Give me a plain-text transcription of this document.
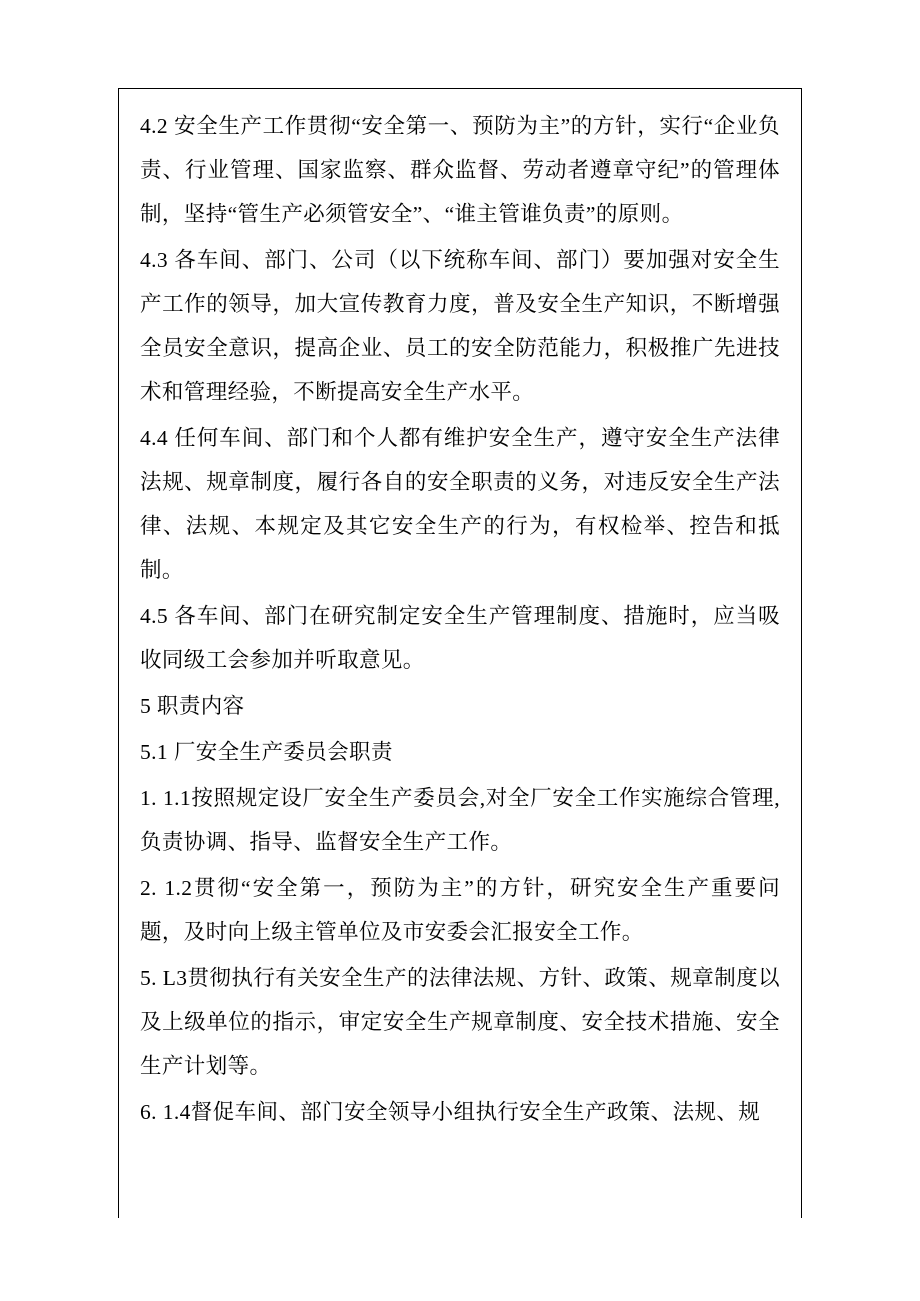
4.2 安全生产工作贯彻“安全第一、预防为主”的方针，实行“企业负责、行业管理、国家监察、群众监督、劳动者遵章守纪”的管理体制，坚持“管生产必须管安全”、“谁主管谁负责”的原则。

4.3 各车间、部门、公司（以下统称车间、部门）要加强对安全生产工作的领导，加大宣传教育力度，普及安全生产知识，不断增强全员安全意识，提高企业、员工的安全防范能力，积极推广先进技术和管理经验，不断提高安全生产水平。

4.4 任何车间、部门和个人都有维护安全生产，遵守安全生产法律法规、规章制度，履行各自的安全职责的义务，对违反安全生产法律、法规、本规定及其它安全生产的行为，有权检举、控告和抵制。

4.5 各车间、部门在研究制定安全生产管理制度、措施时，应当吸收同级工会参加并听取意见。

5 职责内容

5.1 厂安全生产委员会职责

1. 1.1按照规定设厂安全生产委员会,对全厂安全工作实施综合管理,负责协调、指导、监督安全生产工作。

2. 1.2贯彻“安全第一，预防为主”的方针，研究安全生产重要问题，及时向上级主管单位及市安委会汇报安全工作。

5. L3贯彻执行有关安全生产的法律法规、方针、政策、规章制度以及上级单位的指示，审定安全生产规章制度、安全技术措施、安全生产计划等。

6. 1.4督促车间、部门安全领导小组执行安全生产政策、法规、规
